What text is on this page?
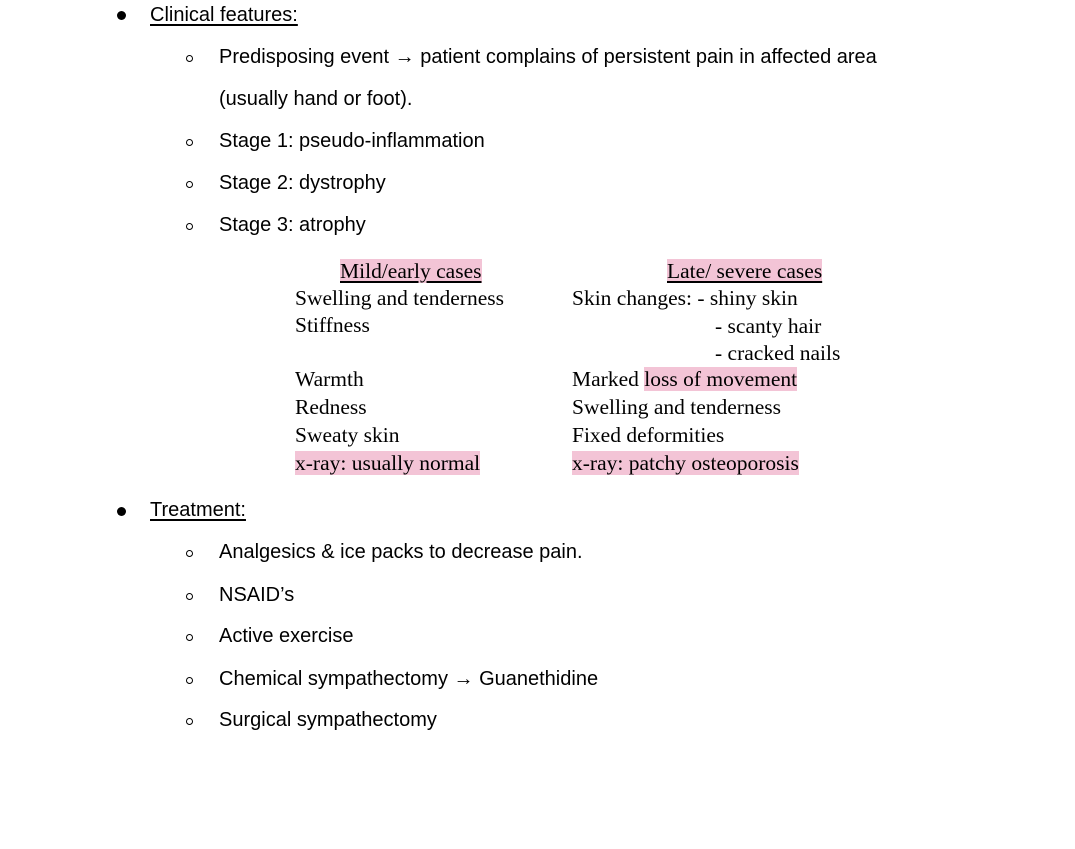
Clinical features:
Predisposing event → patient complains of persistent pain in affected area
(usually hand or foot).
Stage 1: pseudo-inflammation
Stage 2: dystrophy
Stage 3: atrophy
Mild/early cases	Late/ severe cases
Swelling and tenderness
Stiffness
Warmth
Redness
Sweaty skin
x-ray: usually normal
Skin changes: - shiny skin
- scanty hair
- cracked nails
Marked loss of movement
Swelling and tenderness
Fixed deformities
x-ray: patchy osteoporosis
Treatment:
Analgesics & ice packs to decrease pain.
NSAID’s
Active exercise
Chemical sympathectomy → Guanethidine
Surgical sympathectomy
